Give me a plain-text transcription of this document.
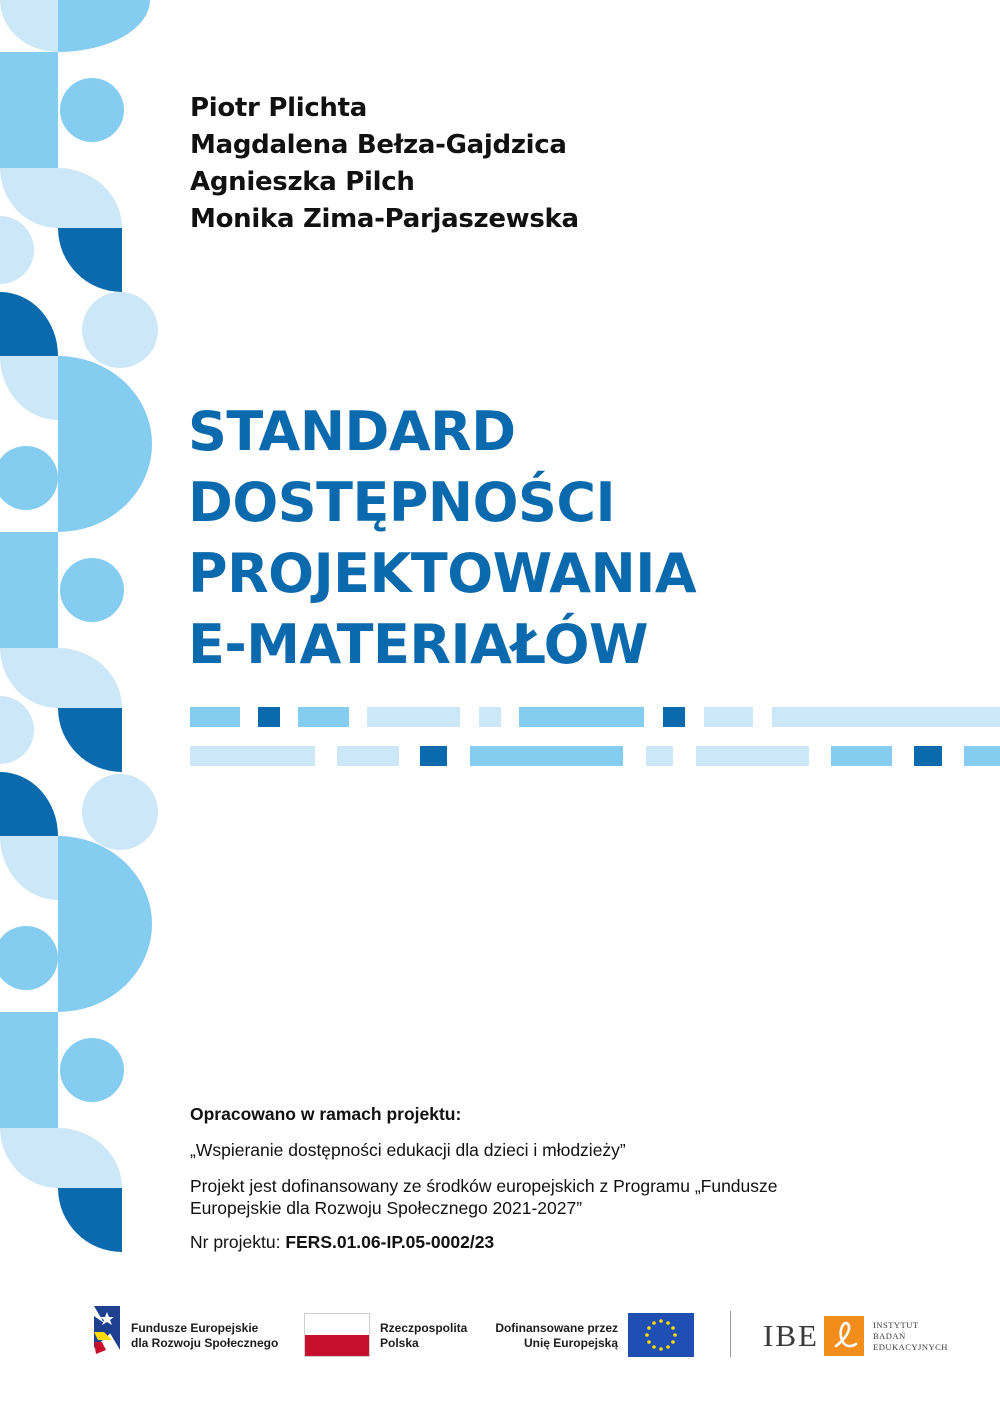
Piotr Plichta
Magdalena Bełza-Gajdzica
Agnieszka Pilch
Monika Zima-Parjaszewska
STANDARD
DOSTĘPNOŚCI
PROJEKTOWANIA
E-MATERIAŁÓW

Opracowano w ramach projektu:

„Wspieranie dostępności edukacji dla dzieci i młodzieży”

Projekt jest dofinansowany ze środków europejskich z Programu „Fundusze

Europejskie dla Rozwoju Społecznego 2021-2027”

Nr projektu: FERS.01.06-IP.05-0002/23

Fundusze Europejskie
dla Rozwoju Społecznego
Rzeczpospolita
Polska
Dofinansowane przez
Unię Europejską	IBE	INSTYTUT
BADAŃ
EDUKACYJNYCH
